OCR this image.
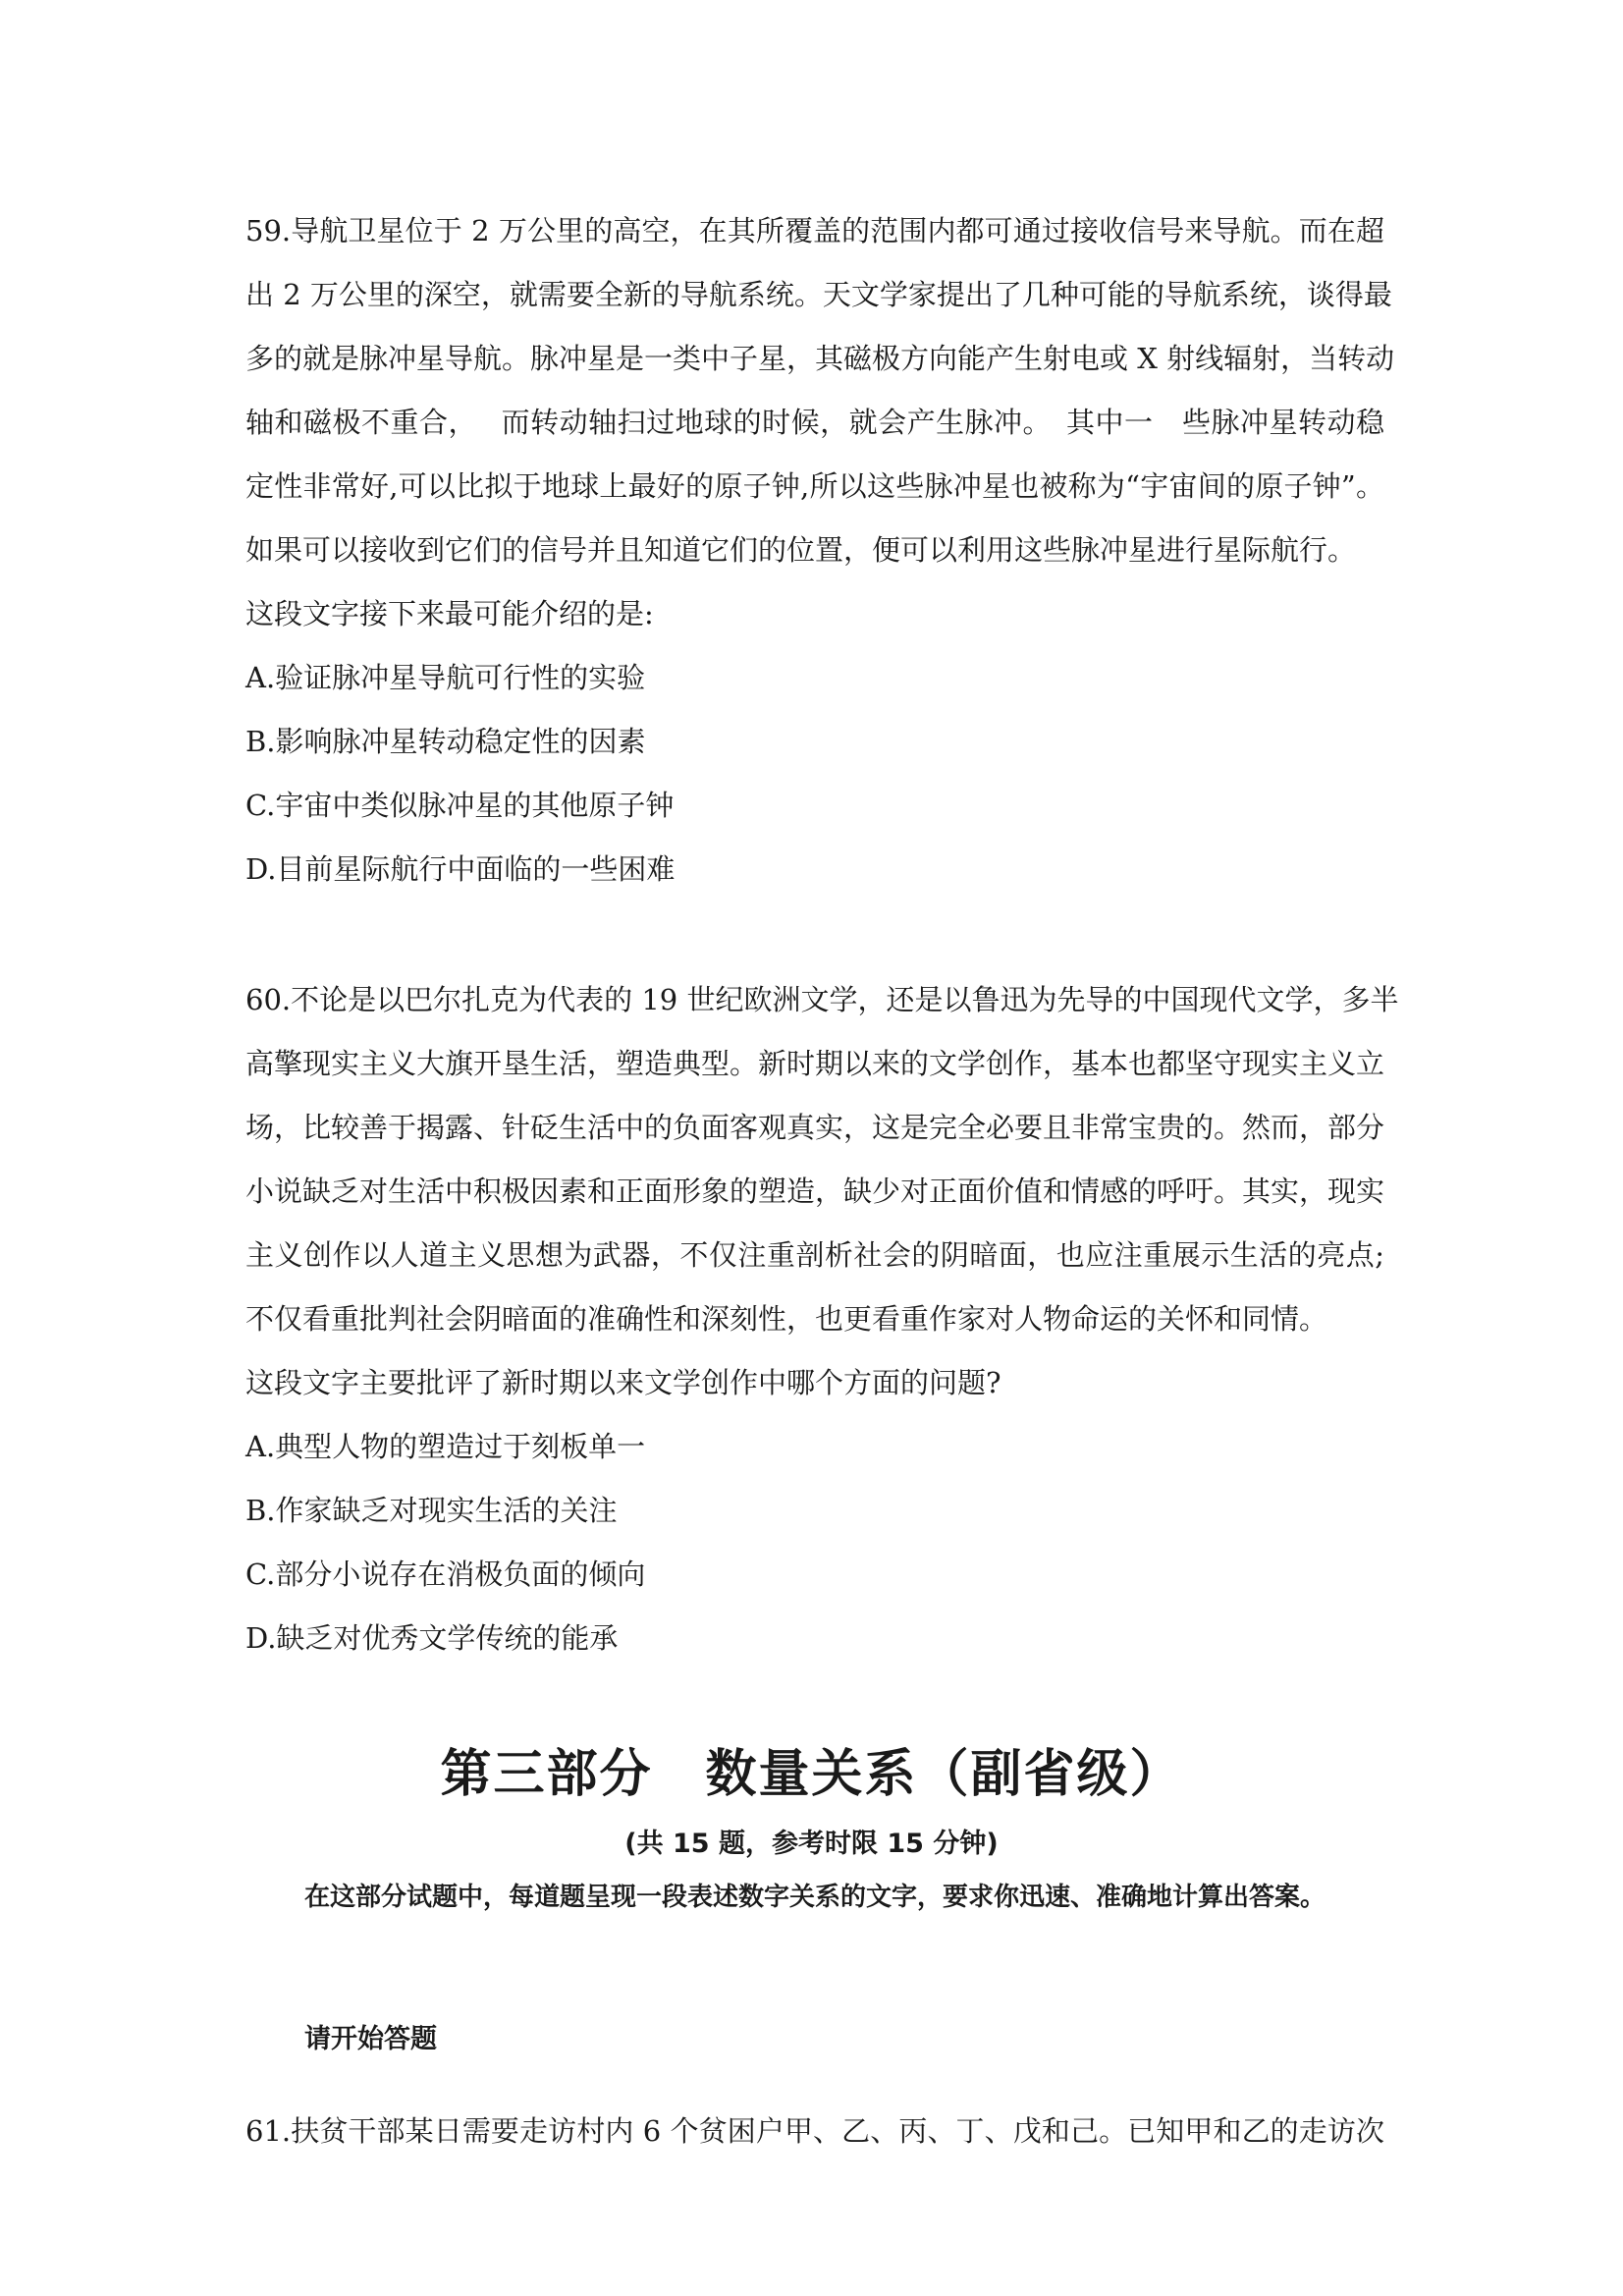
59.导航卫星位于 2 万公里的高空，在其所覆盖的范围内都可通过接收信号来导航。而在超

出 2 万公里的深空，就需要全新的导航系统。天文学家提出了几种可能的导航系统，谈得最

多的就是脉冲星导航。脉冲星是一类中子星，其磁极方向能产生射电或 X 射线辐射，当转动

轴和磁极不重合，　 而转动轴扫过地球的时候，就会产生脉冲。　其中一　些脉冲星转动稳

定性非常好,可以比拟于地球上最好的原子钟,所以这些脉冲星也被称为“宇宙间的原子钟”。

如果可以接收到它们的信号并且知道它们的位置，便可以利用这些脉冲星进行星际航行。

这段文字接下来最可能介绍的是:

A.验证脉冲星导航可行性的实验

B.影响脉冲星转动稳定性的因素

C.宇宙中类似脉冲星的其他原子钟

D.目前星际航行中面临的一些困难

60.不论是以巴尔扎克为代表的 19 世纪欧洲文学，还是以鲁迅为先导的中国现代文学，多半

高擎现实主义大旗开垦生活，塑造典型。新时期以来的文学创作，基本也都坚守现实主义立

场，比较善于揭露、针砭生活中的负面客观真实，这是完全必要且非常宝贵的。然而，部分

小说缺乏对生活中积极因素和正面形象的塑造，缺少对正面价值和情感的呼吁。其实，现实

主义创作以人道主义思想为武器，不仅注重剖析社会的阴暗面，也应注重展示生活的亮点;

不仅看重批判社会阴暗面的准确性和深刻性，也更看重作家对人物命运的关怀和同情。

这段文字主要批评了新时期以来文学创作中哪个方面的问题?

A.典型人物的塑造过于刻板单一

B.作家缺乏对现实生活的关注

C.部分小说存在消极负面的倾向

D.缺乏对优秀文学传统的能承

第三部分　数量关系（副省级）
(共 15 题，参考时限 15 分钟)
在这部分试题中，每道题呈现一段表述数字关系的文字，要求你迅速、准确地计算出答案。
请开始答题

61.扶贫干部某日需要走访村内 6 个贫困户甲、乙、丙、丁、戊和己。已知甲和乙的走访次
